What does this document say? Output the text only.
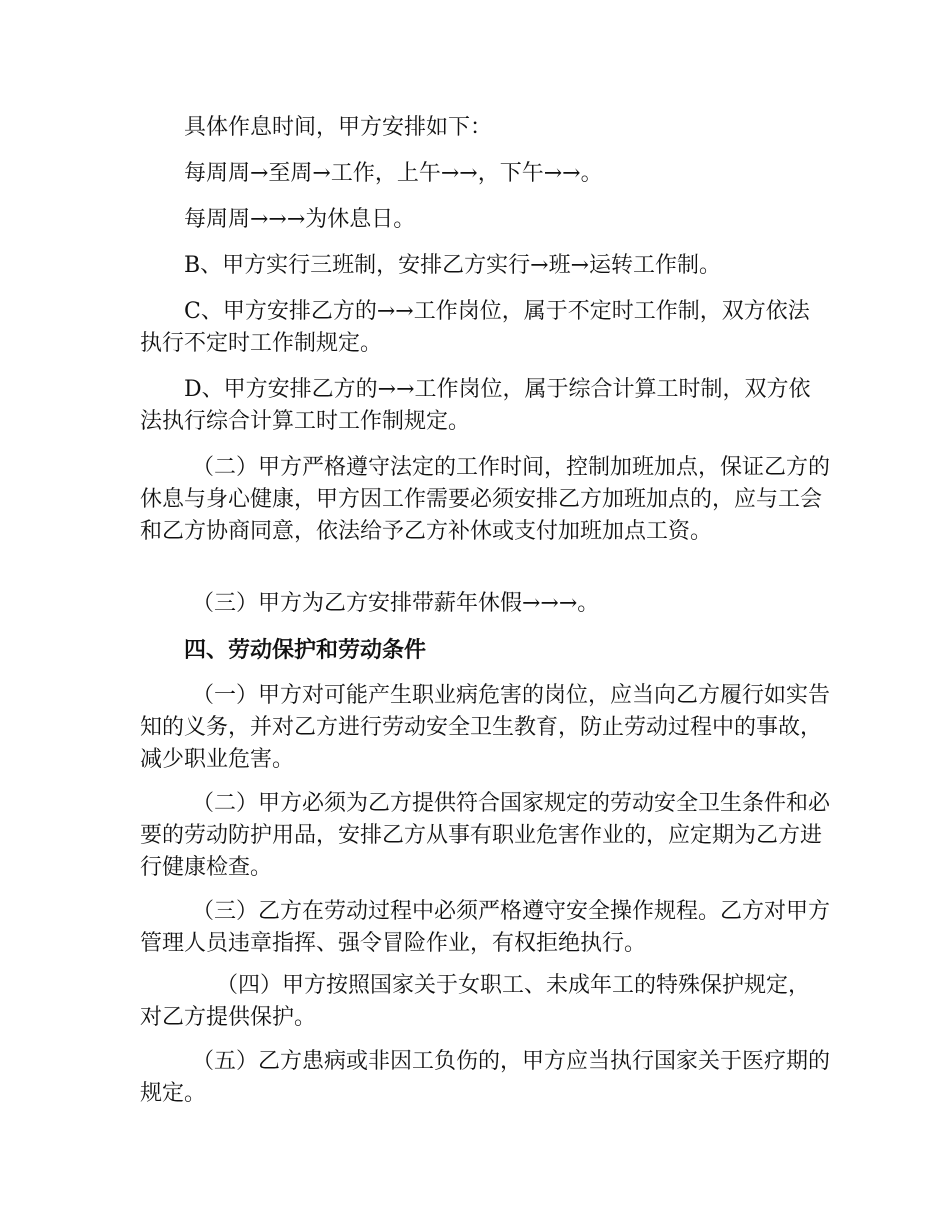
具体作息时间，甲方安排如下：

每周周→至周→工作，上午→→，下午→→。

每周周→→→为休息日。

B、甲方实行三班制，安排乙方实行→班→运转工作制。

C、甲方安排乙方的→→工作岗位，属于不定时工作制，双方依法执行不定时工作制规定。

D、甲方安排乙方的→→工作岗位，属于综合计算工时制，双方依法执行综合计算工时工作制规定。

（二）甲方严格遵守法定的工作时间，控制加班加点，保证乙方的休息与身心健康，甲方因工作需要必须安排乙方加班加点的，应与工会和乙方协商同意，依法给予乙方补休或支付加班加点工资。

（三）甲方为乙方安排带薪年休假→→→。

四、劳动保护和劳动条件

（一）甲方对可能产生职业病危害的岗位，应当向乙方履行如实告知的义务，并对乙方进行劳动安全卫生教育，防止劳动过程中的事故，减少职业危害。

（二）甲方必须为乙方提供符合国家规定的劳动安全卫生条件和必要的劳动防护用品，安排乙方从事有职业危害作业的，应定期为乙方进行健康检查。

（三）乙方在劳动过程中必须严格遵守安全操作规程。乙方对甲方管理人员违章指挥、强令冒险作业，有权拒绝执行。

（四）甲方按照国家关于女职工、未成年工的特殊保护规定，对乙方提供保护。

（五）乙方患病或非因工负伤的，甲方应当执行国家关于医疗期的规定。
